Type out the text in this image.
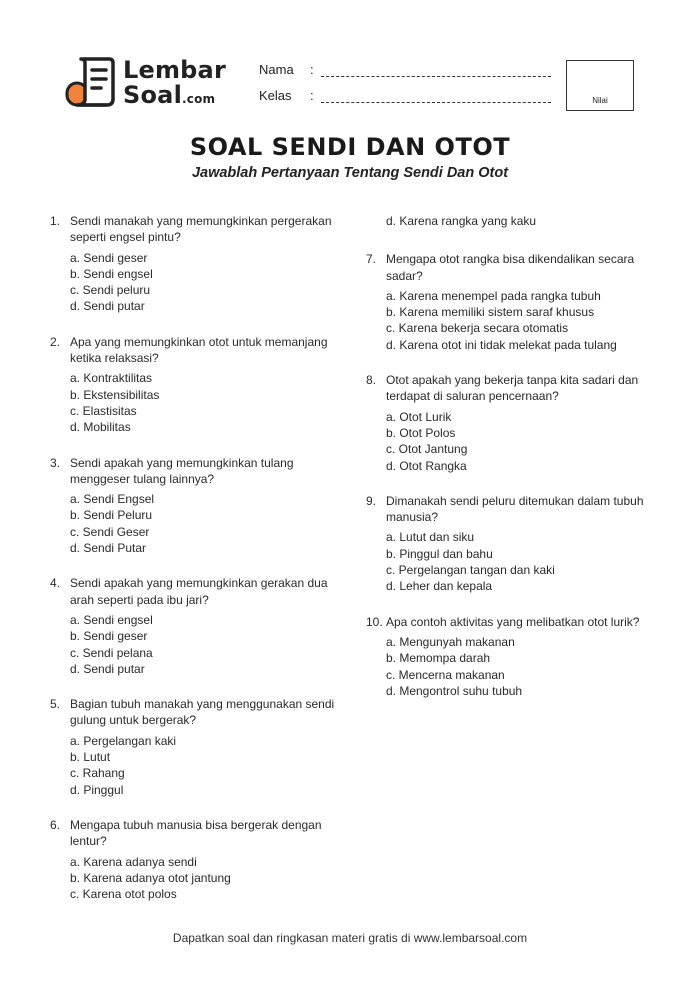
Lembar
Soal.com
Nama :
Kelas :	Nilai
SOAL SENDI DAN OTOT
Jawablah Pertanyaan Tentang Sendi Dan Otot
1. Sendi manakah yang memungkinkan pergerakan seperti engsel pintu?
a. Sendi geser
b. Sendi engsel
c. Sendi peluru
d. Sendi putar
2. Apa yang memungkinkan otot untuk memanjang ketika relaksasi?
a. Kontraktilitas
b. Ekstensibilitas
c. Elastisitas
d. Mobilitas
3. Sendi apakah yang memungkinkan tulang menggeser tulang lainnya?
a. Sendi Engsel
b. Sendi Peluru
c. Sendi Geser
d. Sendi Putar
4. Sendi apakah yang memungkinkan gerakan dua arah seperti pada ibu jari?
a. Sendi engsel
b. Sendi geser
c. Sendi pelana
d. Sendi putar
5. Bagian tubuh manakah yang menggunakan sendi gulung untuk bergerak?
a. Pergelangan kaki
b. Lutut
c. Rahang
d. Pinggul
6. Mengapa tubuh manusia bisa bergerak dengan lentur?
a. Karena adanya sendi
b. Karena adanya otot jantung
c. Karena otot polos
d. Karena rangka yang kaku
7. Mengapa otot rangka bisa dikendalikan secara sadar?
a. Karena menempel pada rangka tubuh
b. Karena memiliki sistem saraf khusus
c. Karena bekerja secara otomatis
d. Karena otot ini tidak melekat pada tulang
8. Otot apakah yang bekerja tanpa kita sadari dan terdapat di saluran pencernaan?
a. Otot Lurik
b. Otot Polos
c. Otot Jantung
d. Otot Rangka
9. Dimanakah sendi peluru ditemukan dalam tubuh manusia?
a. Lutut dan siku
b. Pinggul dan bahu
c. Pergelangan tangan dan kaki
d. Leher dan kepala
10. Apa contoh aktivitas yang melibatkan otot lurik?
a. Mengunyah makanan
b. Memompa darah
c. Mencerna makanan
d. Mengontrol suhu tubuh
Dapatkan soal dan ringkasan materi gratis di www.lembarsoal.com
